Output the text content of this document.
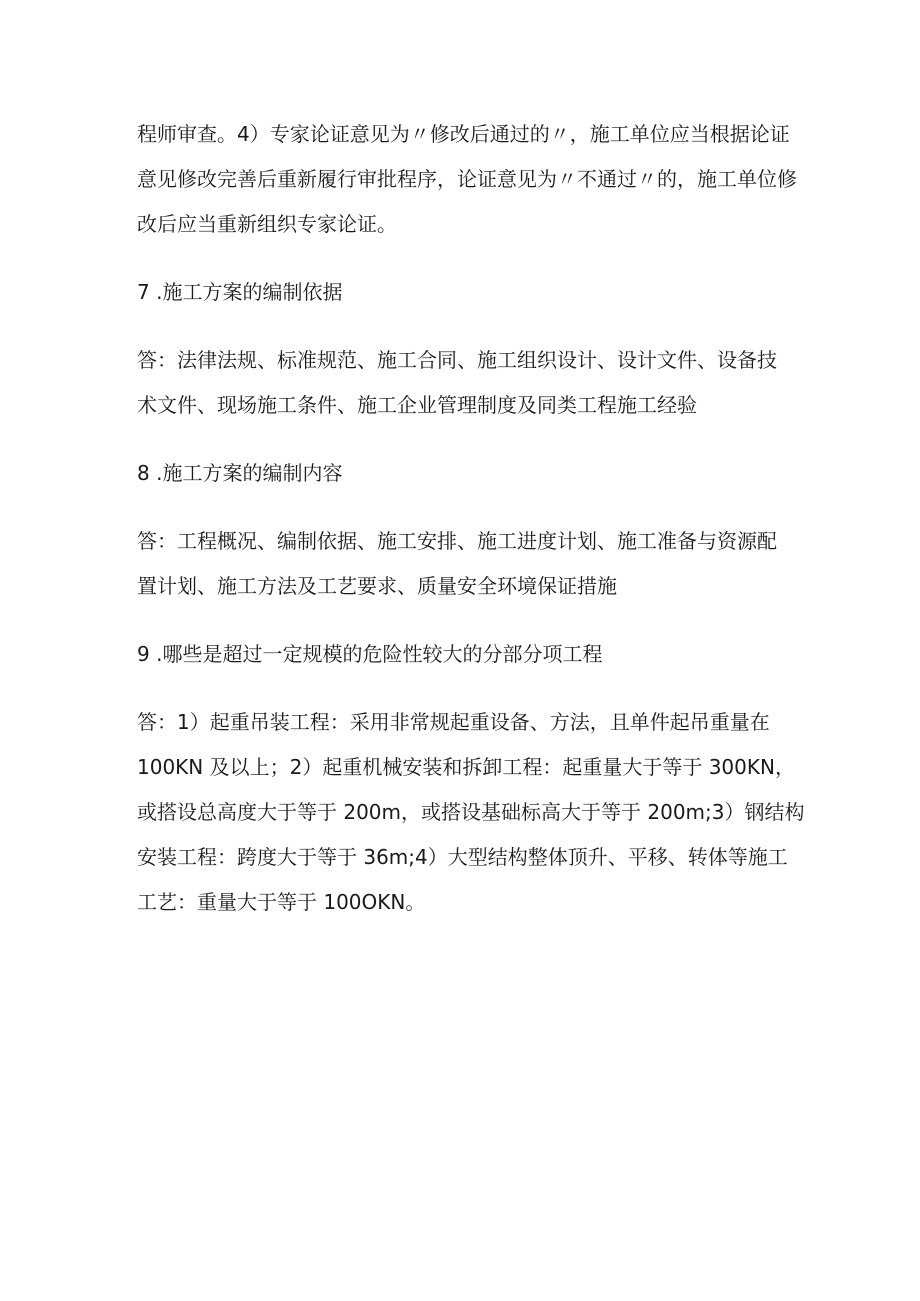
程师审查。4）专家论证意见为〃修改后通过的〃，施工单位应当根据论证
意见修改完善后重新履行审批程序，论证意见为〃不通过〃的，施工单位修
改后应当重新组织专家论证。

7 .施工方案的编制依据

答：法律法规、标准规范、施工合同、施工组织设计、设计文件、设备技
术文件、现场施工条件、施工企业管理制度及同类工程施工经验

8 .施工方案的编制内容

答：工程概况、编制依据、施工安排、施工进度计划、施工准备与资源配
置计划、施工方法及工艺要求、质量安全环境保证措施

9 .哪些是超过一定规模的危险性较大的分部分项工程

答：1）起重吊装工程：采用非常规起重设备、方法，且单件起吊重量在
100KN 及以上；2）起重机械安装和拆卸工程：起重量大于等于 300KN，
或搭设总高度大于等于 200m，或搭设基础标高大于等于 200m;3）钢结构
安装工程：跨度大于等于 36m;4）大型结构整体顶升、平移、转体等施工
工艺：重量大于等于 100OKN。
